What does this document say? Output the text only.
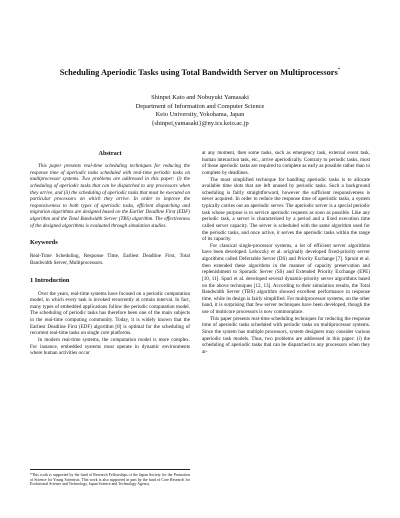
Scheduling Aperiodic Tasks using Total Bandwidth Server on Multiprocessors*
Shinpei Kato and Nobuyuki Yamasaki
Department of Information and Computer Science
Keio University, Yokohama, Japan
{shinpei,yamasaki}@ny.ics.keio.ac.jp
Abstract

This paper presents real-time scheduling techniques for reducing the response time of aperiodic tasks scheduled with real-time periodic tasks on multiprocessor systems. Two problems are addressed in this paper: (i) the scheduling of aperiodic tasks that can be dispatched to any processors when they arrive, and (ii) the scheduling of aperiodic tasks that must be executed on particular processors on which they arrive. In order to improve the responsiveness to both types of aperiodic tasks, efficient dispatching and migration algorithms are designed based on the Earlier Deadline First (EDF) algorithm and the Total Bandwidth Server (TBS) algorithm. The effectiveness of the designed algorithms is evaluated through simulation studies.

Keywords

Real-Time Scheduling, Response Time, Earliest Deadline First, Total Bandwidth Server, Multiprocessors.

1 Introduction

Over the years, real-time systems have focused on a periodic computation model, in which every task is invoked recurrently at certain interval. In fact, many types of embedded applications follow the periodic computation model. The scheduling of periodic tasks has therefore been one of the main subjects in the real-time computing community. Today, it is widely known that the Earliest Deadline First (EDF) algorithm [8] is optimal for the scheduling of recurrent real-time tasks on single core platforms.

In modern real-time systems, the computation model is more complex. For instance, embedded systems must operate in dynamic environments where human activities occur

at any moment, then some tasks, such as emergency task, external event task, human interaction task, etc., arrive aperiodically. Contrary to periodic tasks, most of those aperiodic tasks are required to complete as early as possible rather than to complete by deadlines.

The most simplified technique for handling aperiodic tasks is to allocate available time slots that are left unused by periodic tasks. Such a background scheduling is fairly straightforward, however the sufficient responsiveness is never acquired. In order to reduce the response time of aperiodic tasks, a system typically carries out an aperiodic server. The aperiodic server is a special periodic task whose purpose is to service aperiodic requests as soon as possible. Like any periodic task, a server is characterized by a period and a fixed execution time called server capacity. The server is scheduled with the same algorithm used for the periodic tasks, and once active, it serves the aperiodic tasks within the range of its capacity.

For classical single-processor systems, a lot of efficient server algorithms have been developed. Lehoczky et al. originally developed fixed-priority server algorithms called Deferrable Server (DS) and Priority Exchange [7]. Sprunt et al. then extended these algorithms in the manner of capacity preservation and replenishment to Sporadic Server (SS) and Extended Priority Exchange (EPE) [10, 11]. Spuri et al. developed several dynamic-priority server algorithms based on the above techniques [12, 13]. According to their simulation results, the Total Bandwidth Server (TBS) algorithm showed excellent performance in response time, while its design is fairly simplified. For multiprocessor systems, on the other hand, it is surprising that few server techniques have been developed, though the use of multicore processors is now commonplace.

This paper presents real-time scheduling techniques for reducing the response time of aperiodic tasks scheduled with periodic tasks on multiprocessor systems. Since the system has multiple processors, system designers may consider various aperiodic task models. Thus, two problems are addressed in this paper: (i) the scheduling of aperiodic tasks that can be dispatched to any processors when they ar-

*This work is supported by the fund of Research Fellowships of the Japan Society for the Promotion of Science for Young Scientists. This work is also supported in part by the fund of Core Research for Evolutional Science and Technology, Japan Science and Technology Agency.
